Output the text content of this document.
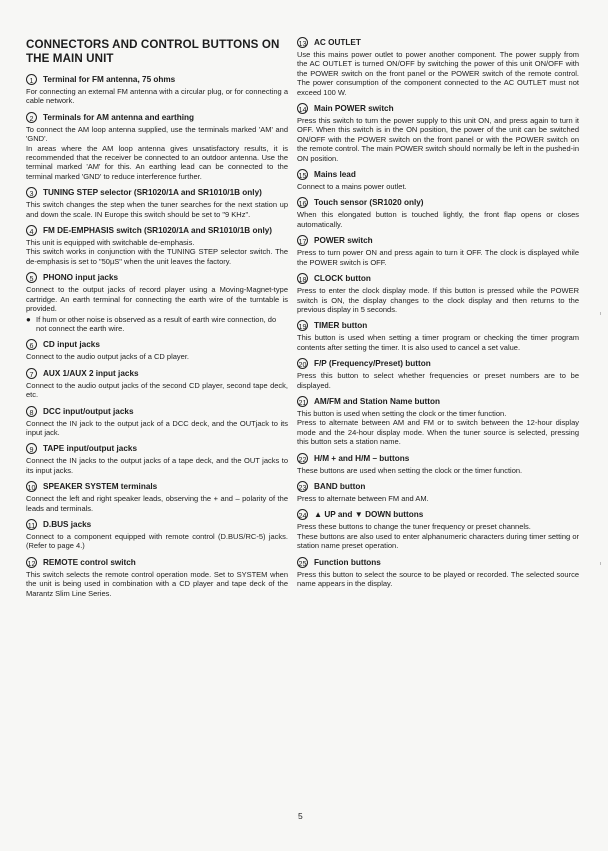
CONNECTORS AND CONTROL BUTTONS ON THE MAIN UNIT
1	Terminal for FM antenna, 75 ohms

For connecting an external FM antenna with a circular plug, or for connecting a cable network.

2	Terminals for AM antenna and earthing

To connect the AM loop antenna supplied, use the terminals marked 'AM' and 'GND'.

In areas where the AM loop antenna gives unsatisfactory results, it is recommended that the receiver be connected to an outdoor antenna. Use the terminal marked 'AM' for this. An earthing lead can be connected to the terminal marked 'GND' to reduce interference further.

3	TUNING STEP selector (SR1020/1A and SR1010/1B only)

This switch changes the step when the tuner searches for the next station up and down the scale. IN Europe this switch should be set to "9 KHz".

4	FM DE-EMPHASIS switch (SR1020/1A and SR1010/1B only)

This unit is equipped with switchable de-emphasis.

This switch works in conjunction with the TUNING STEP selector switch. The de-emphasis is set to "50µS" when the unit leaves the factory.

5	PHONO input jacks

Connect to the output jacks of record player using a Moving-Magnet-type cartridge. An earth terminal for connecting the earth wire of the turntable is provided.

● If hum or other noise is observed as a result of earth wire connection, do not connect the earth wire.
6	CD input jacks

Connect to the audio output jacks of a CD player.

7	AUX 1/AUX 2 input jacks

Connect to the audio output jacks of the second CD player, second tape deck, etc.

8	DCC input/output jacks

Connect the IN jack to the output jack of a DCC deck, and the OUTjack to its input jack.

9	TAPE input/output jacks

Connect the IN jacks to the output jacks of a tape deck, and the OUT jacks to its input jacks.

10 SPEAKER SYSTEM terminals

Connect the left and right speaker leads, observing the + and – polarity of the leads and terminals.

11 D.BUS jacks

Connect to a component equipped with remote control (D.BUS/RC-5) jacks. (Refer to page 4.)

12 REMOTE control switch

This switch selects the remote control operation mode. Set to SYSTEM when the unit is being used in combination with a CD player and tape deck of the Marantz Slim Line Series.

13 AC OUTLET

Use this mains power outlet to power another component. The power supply from the AC OUTLET is turned ON/OFF by switching the power of this unit ON/OFF with the POWER switch on the front panel or the POWER switch of the remote control. The power consumption of the component connected to the AC OUTLET must not exceed 100 W.

14 Main POWER switch

Press this switch to turn the power supply to this unit ON, and press again to turn it OFF. When this switch is in the ON position, the power of the unit can be switched ON/OFF with the POWER switch on the front panel or with the POWER switch on the remote control. The main POWER switch should normally be left in the pushed-in ON position.

15 Mains lead

Connect to a mains power outlet.

16 Touch sensor (SR1020 only)

When this elongated button is touched lightly, the front flap opens or closes automatically.

17 POWER switch

Press to turn power ON and press again to turn it OFF. The clock is displayed while the POWER switch is OFF.

18 CLOCK button

Press to enter the clock display mode. If this button is pressed while the POWER switch is ON, the display changes to the clock display and then returns to the previous display in 5 seconds.

19 TIMER button

This button is used when setting a timer program or checking the timer program contents after setting the timer. It is also used to cancel a set value.

20 F/P (Frequency/Preset) button

Press this button to select whether frequencies or preset numbers are to be displayed.

21 AM/FM and Station Name button

This button is used when setting the clock or the timer function.

Press to alternate between AM and FM or to switch between the 12-hour display mode and the 24-hour display mode. When the tuner source is selected, pressing this button sets a station name.

22 H/M + and H/M – buttons

These buttons are used when setting the clock or the timer function.

23 BAND button

Press to alternate between FM and AM.

24 ▲ UP and ▼ DOWN buttons

Press these buttons to change the tuner frequency or preset channels.

These buttons are also used to enter alphanumeric characters during timer setting or station name preset operation.

25 Function buttons

Press this button to select the source to be played or recorded. The selected source name appears in the display.

5
